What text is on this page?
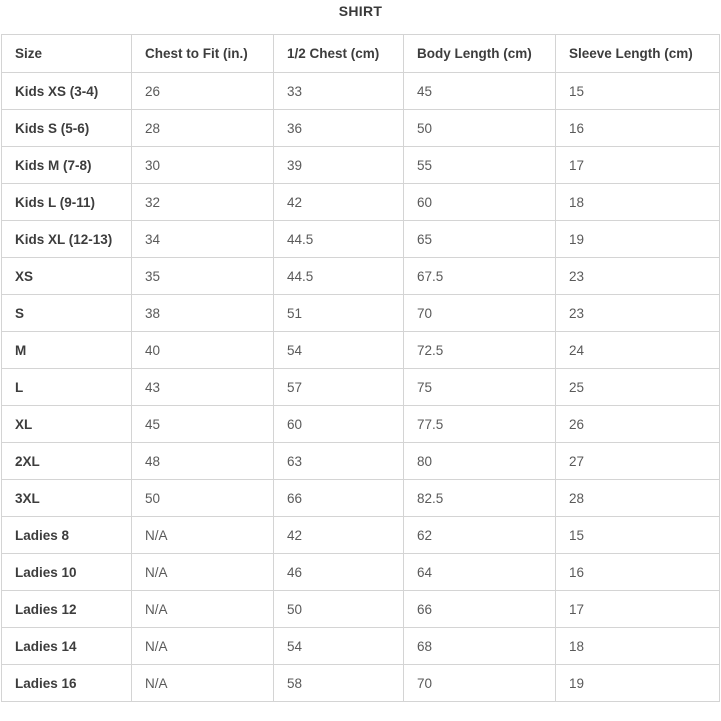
SHIRT
Size	Chest to Fit (in.)	1/2 Chest (cm)	Body Length (cm)	Sleeve Length (cm)
Kids XS (3-4)	26	33	45	15
Kids S (5-6)	28	36	50	16
Kids M (7-8)	30	39	55	17
Kids L (9-11)	32	42	60	18
Kids XL (12-13)	34	44.5	65	19
XS	35	44.5	67.5	23
S	38	51	70	23
M	40	54	72.5	24
L	43	57	75	25
XL	45	60	77.5	26
2XL	48	63	80	27
3XL	50	66	82.5	28
Ladies 8	N/A	42	62	15
Ladies 10	N/A	46	64	16
Ladies 12	N/A	50	66	17
Ladies 14	N/A	54	68	18
Ladies 16	N/A	58	70	19
